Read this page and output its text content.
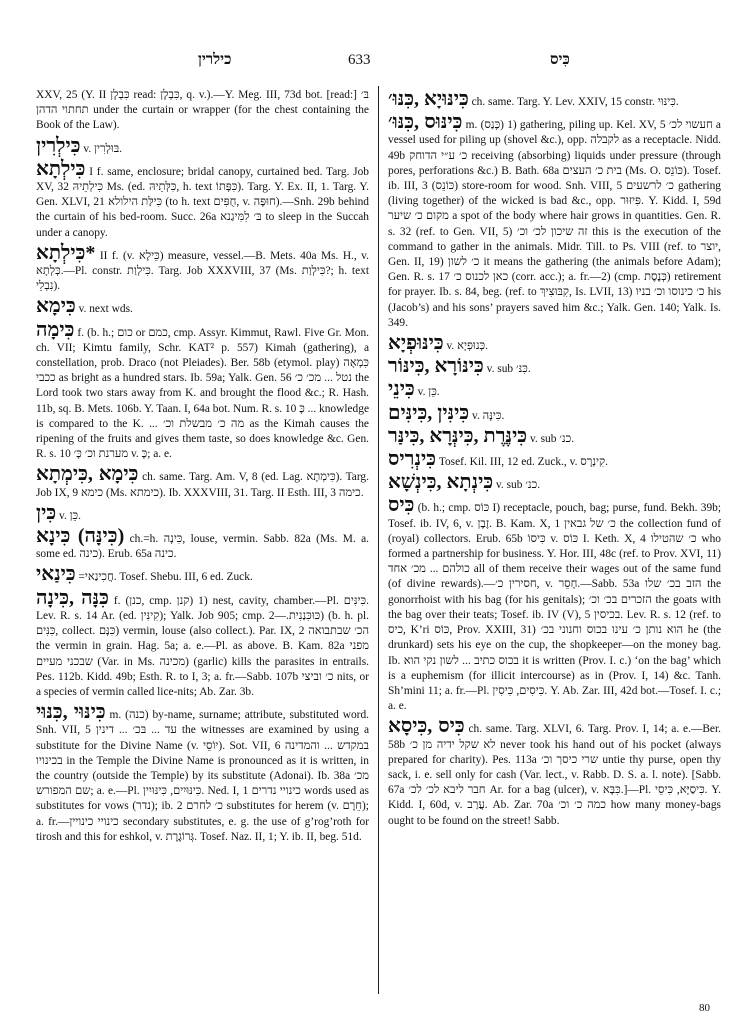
כילרין	633	כִּיס

XXV, 25 (Y. II כִּבְלָן read: כִּבְלָן, q. v.).—Y. Meg. III, 73d bot. [read:] בּ׳ תחתוי הדהן under the curtain or wrapper (for the chest containing the Book of the Law).

כִּילְרִין v. בּוּלְרִין.

כִּילְתָא I f. same, enclosure; bridal canopy, curtained bed. Targ. Job XV, 32 כִּילְתֵיהּ Ms. (ed. כִּלְּתֵיהּ, h. text כִּפָּתוֹ). Targ. Y. Ex. II, 1. Targ. Y. Gen. XLVI, 21 כִּילַּת הילולא (to h. text חֻפִּים, v. חוּפָּה).—Snh. 29b behind the curtain of his bed-room. Succ. 26a בּ׳ לִמִּיגַנא to sleep in the Succah under a canopy.

*כִּילְתָא II f. (v. כֵּילָא) measure, vessel.—B. Mets. 40a Ms. H., v. כְּלְתָא.—Pl. constr. כִּילְוַת. Targ. Job XXXVIII, 37 (Ms. כִּילְוַת?; h. text נִבְלֵי).

כִּימָא v. next wds.

כִּימָה f. (b. h.; כום or כמם, cmp. Assyr. Kimmut, Rawl. Five Gr. Mon. ch. VII; Kimtu family, Schr. KAT² p. 557) Kimah (gathering), a constellation, prob. Draco (not Pleiades). Ber. 58b (etymol. play) כִּמְאָה ככבי as bright as a hundred stars. Ib. 59a; Yalk. Gen. 56 נטל ... מכ׳ כ׳ the Lord took two stars away from K. and brought the flood &c.; R. Hash. 11b, sq. B. Mets. 106b. Y. Taan. I, 64a bot. Num. R. s. 10 כָּ ... knowledge is compared to the K. ... מה כ׳ מבשלת וכ׳ as the Kimah causes the ripening of the fruits and gives them taste, so does knowledge &c. Gen. R. s. 10 מערנת וכ׳ כָּ׳ v. כָּ; a. e.

כִּימָא ,כִּימְתָא ch. same. Targ. Am. V, 8 (ed. Lag. כִּימְתָא). Targ. Job IX, 9 כימא (Ms. כימתא). Ib. XXXVIII, 31. Targ. II Esth. III, 3 כימה.

כִּין v. כֵּן.

(כִּינָּה) כִּינָא ch.=h. כִּינָה, louse, vermin. Sabb. 82a (Ms. M. a. some ed. כינה). Erub. 65a כינה.

כִּינַאי =חֲכִינַאי. Tosef. Shebu. III, 6 ed. Zuck.

כִּנָּה ,כִּינָה f. (כנן, cmp. קנן) 1) nest, cavity, chamber.—Pl. כִּינִּים. Lev. R. s. 14 Ar. (ed. קִינִּין); Yalk. Job 905; cmp. כּוּכִּנַנִית.—2) (b. h. pl. כִּנִּים, collect. כִּנָּם) vermin, louse (also collect.). Par. IX, 2 הכ׳ שבתבואה the vermin in grain. Hag. 5a; a. e.—Pl. as above. B. Kam. 82a מפני שבכני מעיים (Var. in Ms. מכינה) (garlic) kills the parasites in entrails. Pes. 112b. Kidd. 49b; Esth. R. to I, 3; a. fr.—Sabb. 107b כ׳ וביצי nits, or a species of vermin called lice-nits; Ab. Zar. 3b.

כִּינּוּי ,כִּנּוּי m. (כנה) by-name, surname; attribute, substituted word. Snh. VII, 5 עד ... בּכ׳ ... דינין the witnesses are examined by using a substitute for the Divine Name (v. יוֹסֵי). Sot. VII, 6 במקדש ... והמדינה בכינויו in the Temple the Divine Name is pronounced as it is written, in the country (outside the Temple) by its substitute (Adonai). Ib. 38a מכ׳ שם המפורש; a. e.—Pl. כִּינּוּיִים, כִּינּוּיִין. Ned. I, 1 כינויי נדרים words used as substitutes for vows (נדר); ib. 2 כ׳ לחרם substitutes for herem (v. חֵרֶם); a. fr.—כינויי כינויין secondary substitutes, e. g. the use of g’rog’roth for tirosh and this for eshkol, v. גְּרוֹגֶרֶת. Tosef. Naz. II, 1; Y. ib. II, beg. 51d.

כִּינּוּיָא ,כִּנּוּ׳ ch. same. Targ. Y. Lev. XXIV, 15 constr. כִּינּוּי.

כִּינּוּס ,כִּנּוּ׳ m. (כָּנַס) 1) gathering, piling up. Kel. XV, 5 חעשוי לכ׳ a vessel used for piling up (shovel &c.), opp. לקבלה as a receptacle. Nidd. 49b כ׳ ע״י הדוחק receiving (absorbing) liquids under pressure (through pores, perforations &c.) B. Bath. 68a בית כ׳ העצים (Ms. O. כּוֹנֵס). Tosef. ib. III, 3 (כּוֹנֵס) store-room for wood. Snh. VIII, 5 כ׳ לרשעים gathering (living together) of the wicked is bad &c., opp. פִּיזּוּר. Y. Kidd. I, 59d מקום כ׳ שיער a spot of the body where hair grows in quantities. Gen. R. s. 32 (ref. to Gen. VII, 5) זה שיכון לכ׳ וכ׳ this is the execution of the command to gather in the animals. Midr. Till. to Ps. VIII (ref. to יוצר, Gen. II, 19) כ׳ לשון it means the gathering (the animals before Adam); Gen. R. s. 17 כאן לכנוס כ׳ (corr. acc.); a. fr.—2) (cmp. כְּנֶסֶת) retirement for prayer. Ib. s. 84, beg. (ref. to קִבּוּצִיךְ, Is. LVII, 13) כ׳ כינוסו וכ׳ בניו his (Jacob’s) and his sons’ prayers saved him &c.; Yalk. Gen. 140; Yalk. Is. 349.

כִּינּוּפְיָא v. כְּנוּפְיָא.

כִּינּוֹרָא ,כִּינּוֹר v. sub כִּנּ׳.

כִּינֵי v. כֵּן.

כִּינִּין ,כִּינִּים v. כִּינָּה.

כִּינֶּרֶת ,כִּינְּרָא ,כִּינַּר v. sub כנ׳.

כִּינְרִיס Tosef. Kil. III, 12 ed. Zuck., v. קִינְרָס.

כִּינְתָא ,כִּינְשָׁא v. sub כנ׳.

כִּיס (b. h.; cmp. כּוֹס I) receptacle, pouch, bag; purse, fund. Bekh. 39b; Tosef. ib. IV, 6, v. זֶבֶן. B. Kam. X, 1 כ׳ של גבאין the collection fund of (royal) collectors. Erub. 65b כִּיסוֹ v. כּוֹס I. Keth. X, 4 כ׳ שהטילו who formed a partnership for business. Y. Hor. III, 48c (ref. to Prov. XVI, 11) כולהם ... מכ׳ אחד all of them receive their wages out of the same fund (of divine rewards).—חסירין כ׳, v. חָסֵר.—Sabb. 53a הזב בכ׳ שלו the gonorrhoist with his bag (for his genitals); הזכרים בכ׳ וכ׳ the goats with the bag over their teats; Tosef. ib. IV (V), 5 בכיסין. Lev. R. s. 12 (ref. to כיס, K’ri כּוֹס, Prov. XXIII, 31) הוא נותן כ׳ עינו בכוס וחנוני בכ׳ he (the drunkard) sets his eye on the cup, the shopkeeper—on the money bag. Ib. בכוס כתיב ... לשון נקי הוא it is written (Prov. I. c.) ‘on the bag’ which is a euphemism (for illicit intercourse) as in (Prov. I, 14) &c. Tanh. Sh’mini 11; a. fr.—Pl. כִּיסִים, כִּיסִין. Y. Ab. Zar. III, 42d bot.—Tosef. I. c.; a. e.

כִּיס ,כִּיסָא ch. same. Targ. XLVI, 6. Targ. Prov. I, 14; a. e.—Ber. 58b לא שקל ידיה מן כ׳ never took his hand out of his pocket (always prepared for charity). Pes. 113a שרי כיסך וכ׳ untie thy purse, open thy sack, i. e. sell only for cash (Var. lect., v. Rabb. D. S. a. l. note). [Sabb. 67a חבר ליבא לכ׳ לכ׳ Ar. for a bag (ulcer), v. כִּבָּא.]—Pl. כִּיסַיָּא, כִּיסֵי. Y. Kidd. I, 60d, v. עֲרַב. Ab. Zar. 70a כמה כ׳ וכ׳ how many money-bags ought to be found on the street! Sabb.

80
